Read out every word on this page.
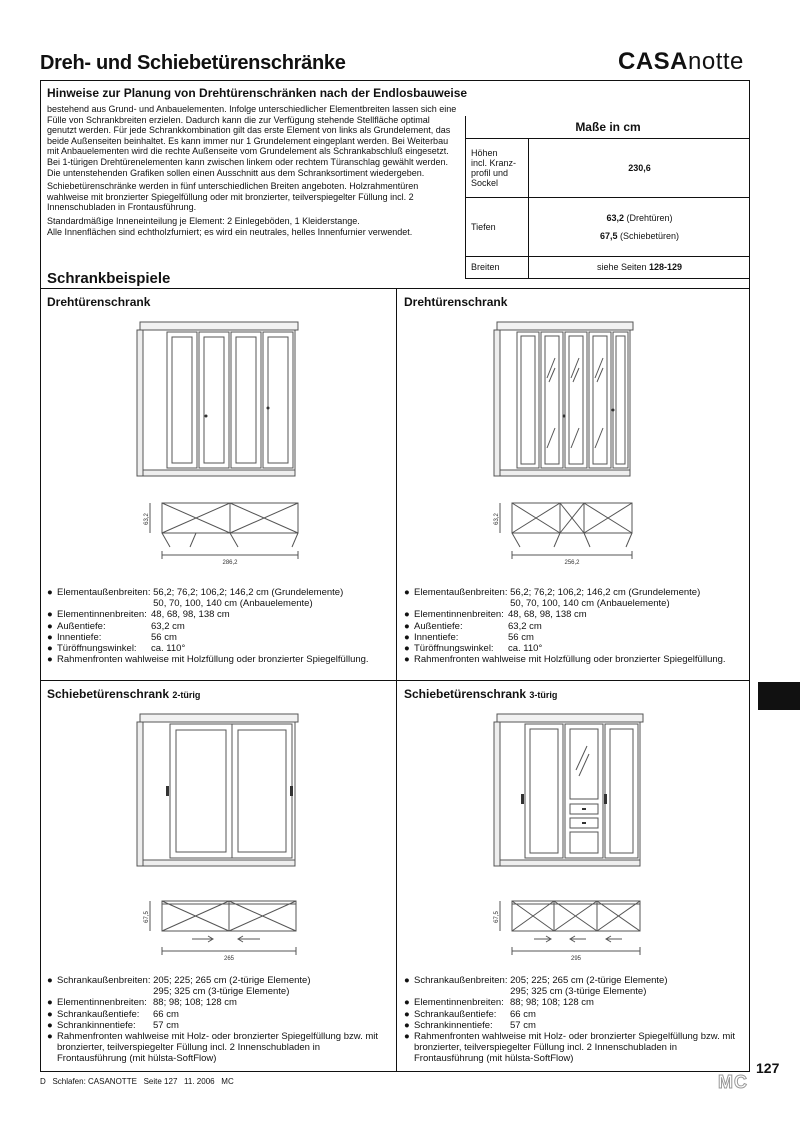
Dreh- und Schiebetürenschränke	CASAnotte
Hinweise zur Planung von Drehtürenschränken nach der Endlosbauweise

bestehend aus Grund- und Anbauelementen. Infolge unterschiedlicher Elementbreiten lassen sich eine Fülle von Schrankbreiten erzielen. Dadurch kann die zur Verfügung stehende Stellfläche optimal genutzt werden. Für jede Schrankkombination gilt das erste Element von links als Grundelement, das beide Außenseiten beinhaltet. Es kann immer nur 1 Grundelement eingeplant werden. Bei Weiterbau mit Anbauelementen wird die rechte Außenseite vom Grundelement als Schrankabschluß eingesetzt. Bei 1-türigen Drehtürenelementen kann zwischen linkem oder rechtem Türanschlag gewählt werden. Die untenstehenden Grafiken sollen einen Ausschnitt aus dem Schranksortiment wiedergeben.

Schiebetürenschränke werden in fünf unterschiedlichen Breiten angeboten. Holzrahmentüren wahlweise mit bronzierter Spiegelfüllung oder mit bronzierter, teilverspiegelter Füllung incl. 2 Innenschubladen in Frontausführung.

Standardmäßige Inneneinteilung je Element: 2 Einlegeböden, 1 Kleiderstange.
Alle Innenflächen sind echtholzfurniert; es wird ein neutrales, helles Innenfurnier verwendet.

Maße in cm	
Höhen
incl. Kranz-
profil und
Sockel	230,6
Tiefen	63,2 (Drehtüren)
67,5 (Schiebetüren)
Breiten	siehe Seiten 128-129
Schrankbeispiele
Drehtürenschrank	Drehtürenschrank
Schiebetürenschrank 2-türig	Schiebetürenschrank 3-türig
63,2
286,2
63,2
256,2
67,5
265
67,5
295
● Elementaußenbreiten:
56,2; 76,2; 106,2; 146,2 cm (Grundelemente)
50, 70, 100, 140 cm (Anbauelemente)
● Elementinnenbreiten: 48, 68, 98, 138 cm
● Außentiefe:	63,2 cm
● Innentiefe:	56 cm
● Türöffnungswinkel:	ca. 110°
● Rahmenfronten wahlweise mit Holzfüllung oder bronzierter Spiegelfüllung.
● Elementaußenbreiten:
56,2; 76,2; 106,2; 146,2 cm (Grundelemente)
50, 70, 100, 140 cm (Anbauelemente)
● Elementinnenbreiten: 48, 68, 98, 138 cm
● Außentiefe:	63,2 cm
● Innentiefe:	56 cm
● Türöffnungswinkel:	ca. 110°
● Rahmenfronten wahlweise mit Holzfüllung oder bronzierter Spiegelfüllung.
● Schrankaußenbreiten:
205; 225; 265 cm (2-türige Elemente)
295; 325 cm (3-türige Elemente)
● Elementinnenbreiten: 88; 98; 108; 128 cm
● Schrankaußentiefe:	66 cm
● Schrankinnentiefe:	57 cm
● Rahmenfronten wahlweise mit Holz- oder bronzierter Spiegelfüllung bzw. mit bronzierter, teilverspiegelter Füllung incl. 2 Innenschubladen in Frontausführung (mit hülsta-SoftFlow)
● Schrankaußenbreiten:
205; 225; 265 cm (2-türige Elemente)
295; 325 cm (3-türige Elemente)
● Elementinnenbreiten: 88; 98; 108; 128 cm
● Schrankaußentiefe:	66 cm
● Schrankinnentiefe:	57 cm
● Rahmenfronten wahlweise mit Holz- oder bronzierter Spiegelfüllung bzw. mit bronzierter, teilverspiegelter Füllung incl. 2 Innenschubladen in Frontausführung (mit hülsta-SoftFlow)
127
MC
D   Schlafen: CASANOTTE   Seite 127   11. 2006   MC
